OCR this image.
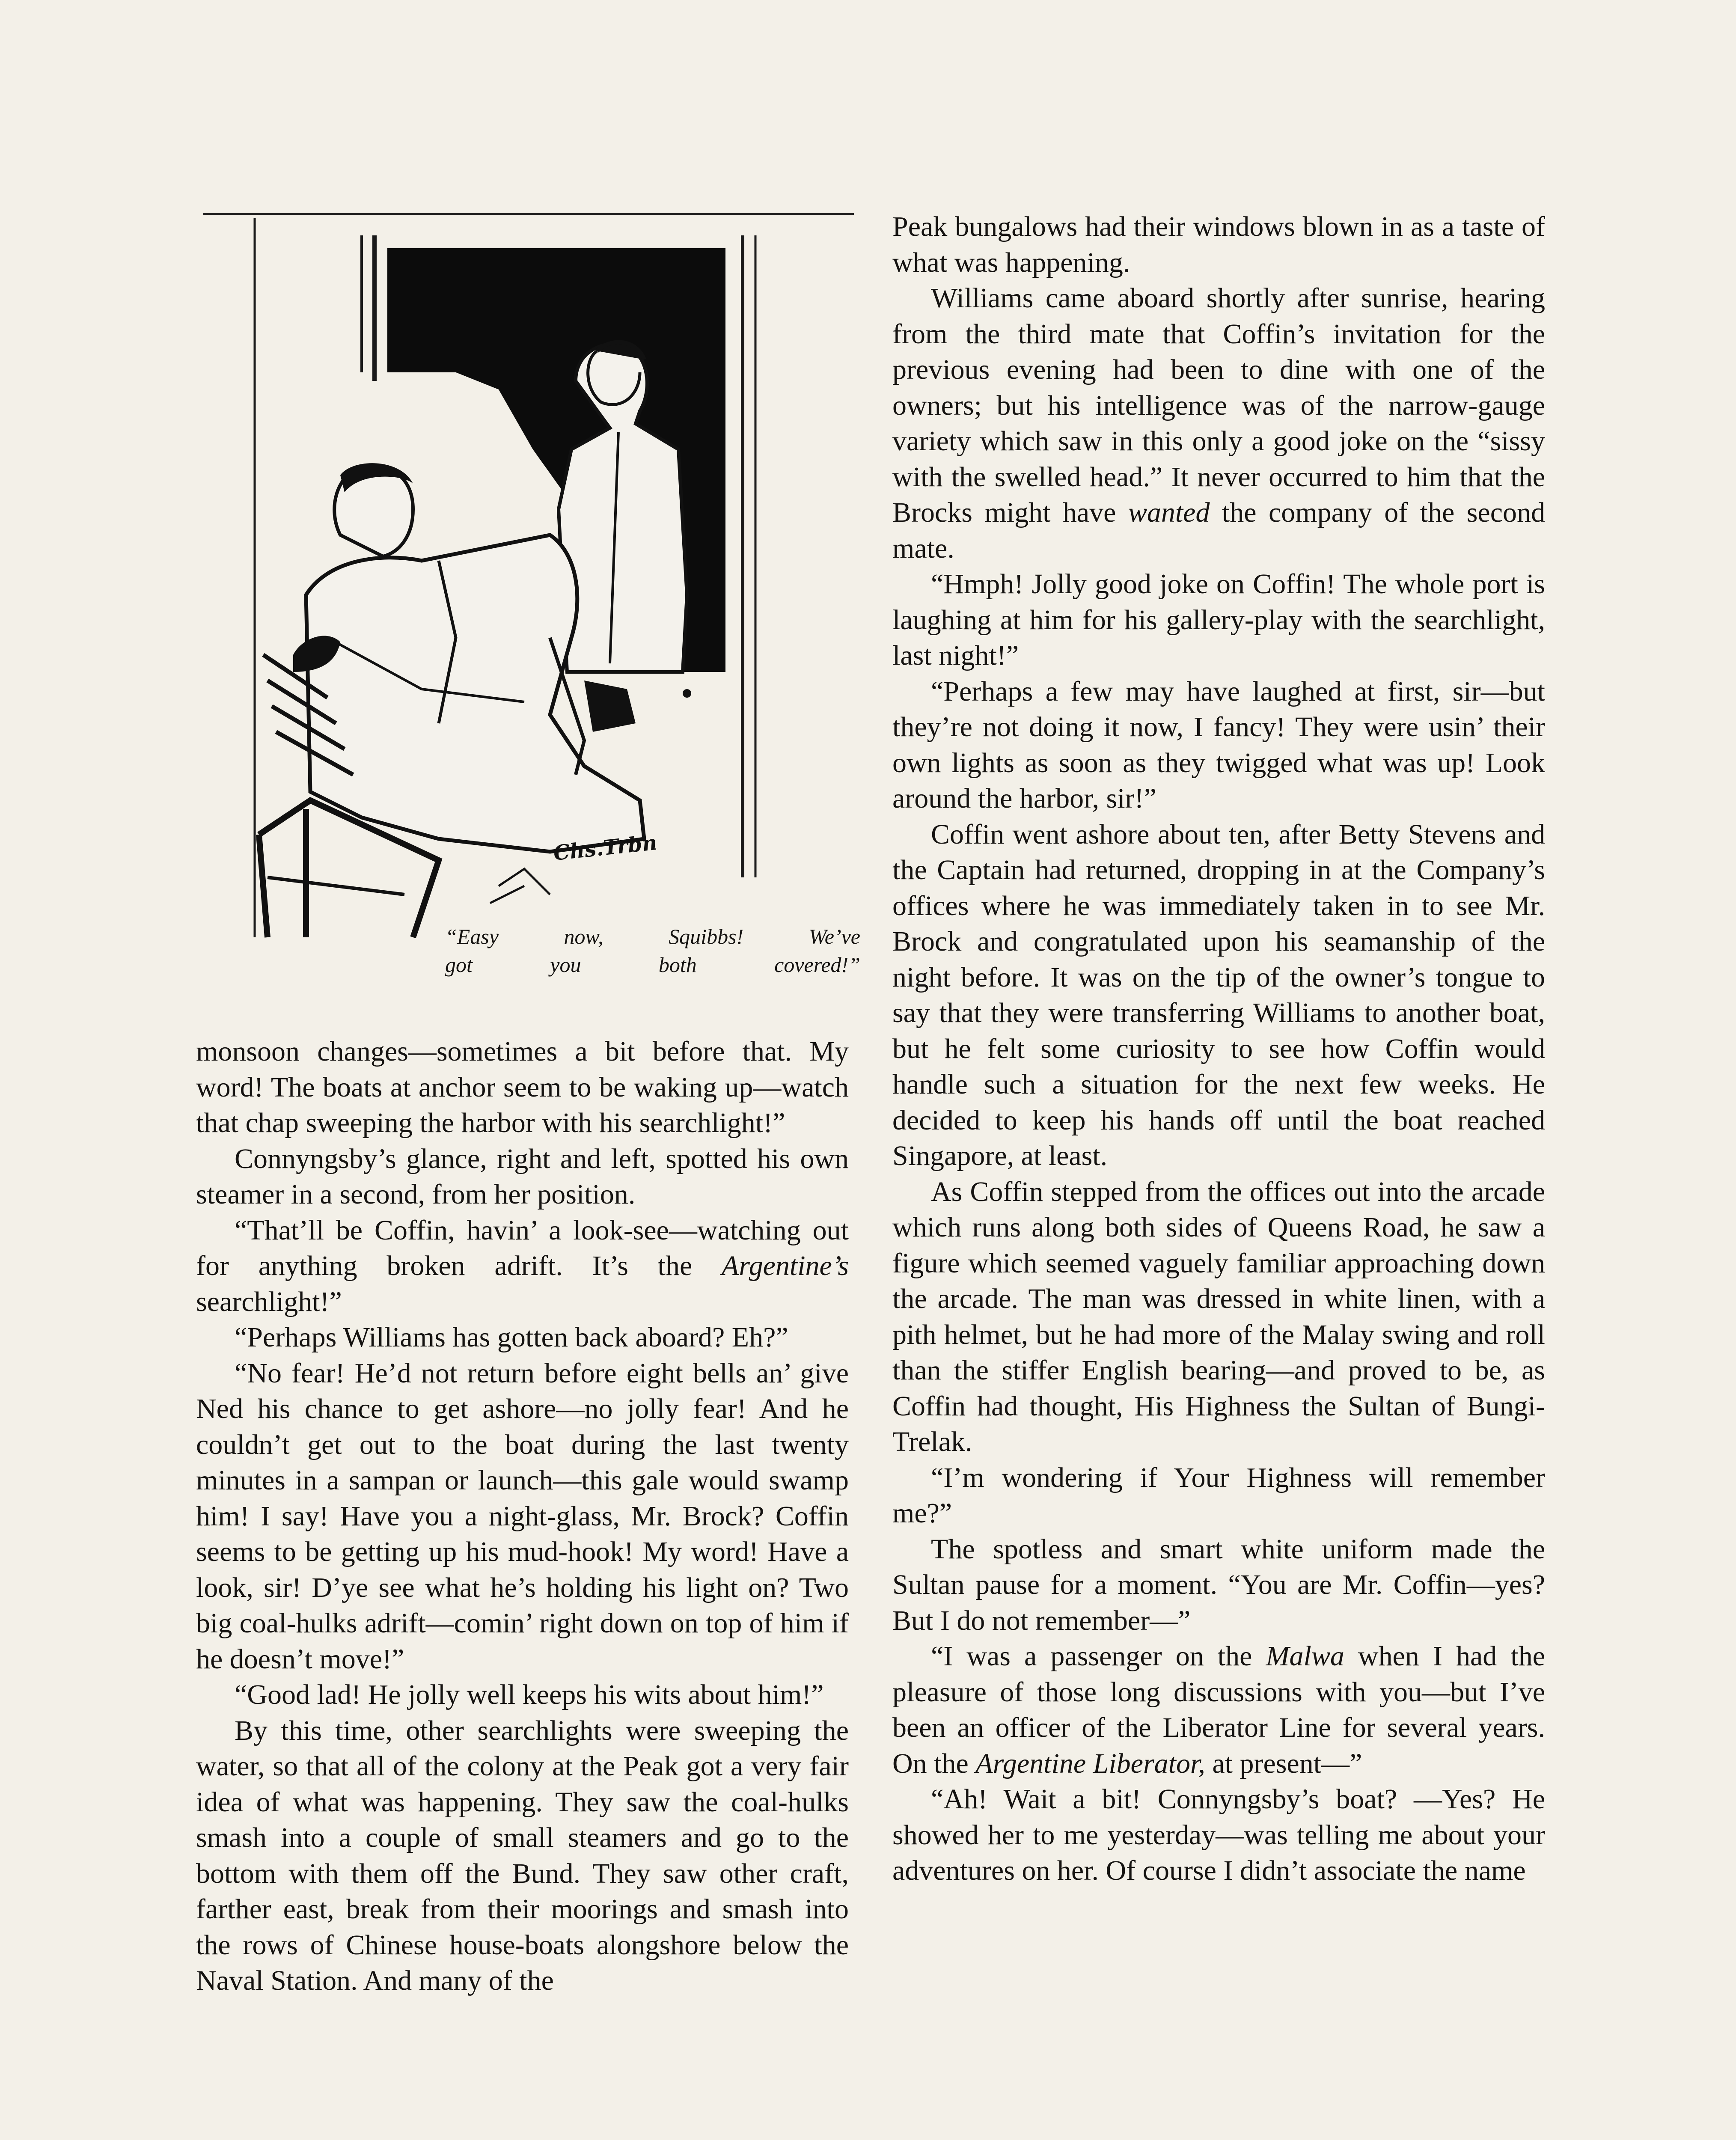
Chs.Trbn

“Easy now, Squibbs! We’ve

got you both covered!”

monsoon changes—sometimes a bit before that. My word! The boats at anchor seem to be waking up—watch that chap sweeping the harbor with his searchlight!”

Connyngsby’s glance, right and left, spotted his own steamer in a second, from her position.

“That’ll be Coffin, havin’ a look-see—watching out for anything broken adrift. It’s the Argentine’s searchlight!”

“Perhaps Williams has gotten back aboard? Eh?”

“No fear! He’d not return before eight bells an’ give Ned his chance to get ashore—no jolly fear! And he couldn’t get out to the boat during the last twenty minutes in a sampan or launch—this gale would swamp him! I say! Have you a night-glass, Mr. Brock? Coffin seems to be getting up his mud-hook! My word! Have a look, sir! D’ye see what he’s holding his light on? Two big coal-hulks adrift—comin’ right down on top of him if he doesn’t move!”

“Good lad! He jolly well keeps his wits about him!”

By this time, other searchlights were sweeping the water, so that all of the colony at the Peak got a very fair idea of what was happening. They saw the coal-hulks smash into a couple of small steamers and go to the bottom with them off the Bund. They saw other craft, farther east, break from their moorings and smash into the rows of Chinese house-boats alongshore below the Naval Station. And many of the

Peak bungalows had their windows blown in as a taste of what was happening.

Williams came aboard shortly after sunrise, hearing from the third mate that Coffin’s invitation for the previous evening had been to dine with one of the owners; but his intelligence was of the narrow-gauge variety which saw in this only a good joke on the “sissy with the swelled head.” It never occurred to him that the Brocks might have wanted the company of the second mate.

“Hmph! Jolly good joke on Coffin! The whole port is laughing at him for his gallery-play with the searchlight, last night!”

“Perhaps a few may have laughed at first, sir—but they’re not doing it now, I fancy! They were usin’ their own lights as soon as they twigged what was up! Look around the harbor, sir!”

Coffin went ashore about ten, after Betty Stevens and the Captain had returned, dropping in at the Company’s offices where he was immediately taken in to see Mr. Brock and congratulated upon his seamanship of the night before. It was on the tip of the owner’s tongue to say that they were transferring Williams to another boat, but he felt some curiosity to see how Coffin would handle such a situation for the next few weeks. He decided to keep his hands off until the boat reached Singapore, at least.

As Coffin stepped from the offices out into the arcade which runs along both sides of Queens Road, he saw a figure which seemed vaguely familiar approaching down the arcade. The man was dressed in white linen, with a pith helmet, but he had more of the Malay swing and roll than the stiffer English bearing—and proved to be, as Coffin had thought, His Highness the Sultan of Bungi-Trelak.

“I’m wondering if Your Highness will remember me?”

The spotless and smart white uniform made the Sultan pause for a moment. “You are Mr. Coffin—yes? But I do not remember—”

“I was a passenger on the Malwa when I had the pleasure of those long discussions with you—but I’ve been an officer of the Liberator Line for several years. On the Argentine Liberator, at present—”

“Ah! Wait a bit! Connyngsby’s boat? —Yes? He showed her to me yesterday—was telling me about your adventures on her. Of course I didn’t associate the name
